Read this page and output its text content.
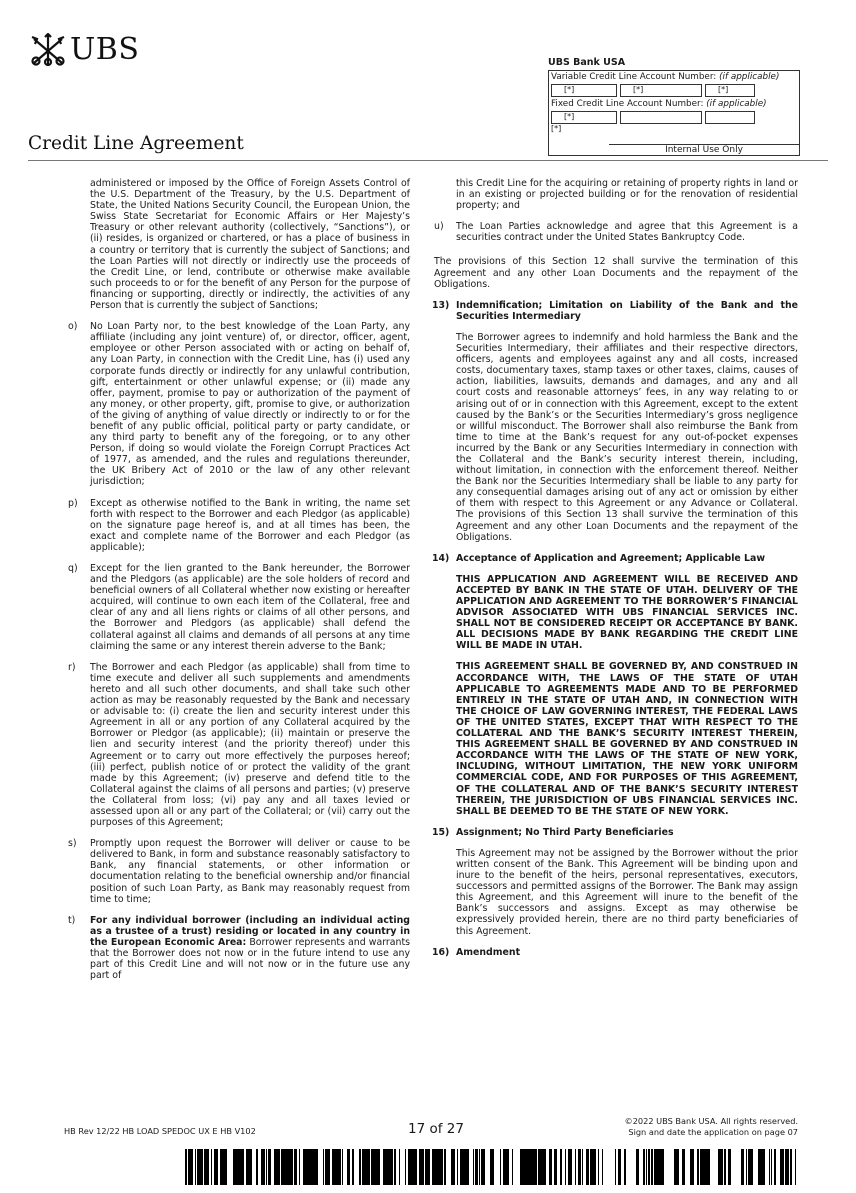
UBS
Credit Line Agreement
UBS Bank USA
Variable Credit Line Account Number: (if applicable)
[*]	[*]	[*]
Fixed Credit Line Account Number: (if applicable)
[*]
[*]
Internal Use Only

administered or imposed by the Office of Foreign Assets Control of the U.S. Department of the Treasury, by the U.S. Department of State, the United Nations Security Council, the European Union, the Swiss State Secretariat for Economic Affairs or Her Majesty’s Treasury or other relevant authority (collectively, “Sanctions”), or (ii) resides, is organized or chartered, or has a place of business in a country or territory that is currently the subject of Sanctions; and the Loan Parties will not directly or indirectly use the proceeds of the Credit Line, or lend, contribute or otherwise make available such proceeds to or for the benefit of any Person for the purpose of financing or supporting, directly or indirectly, the activities of any Person that is currently the subject of Sanctions;

o) No Loan Party nor, to the best knowledge of the Loan Party, any affiliate (including any joint venture) of, or director, officer, agent, employee or other Person associated with or acting on behalf of, any Loan Party, in connection with the Credit Line, has (i) used any corporate funds directly or indirectly for any unlawful contribution, gift, entertainment or other unlawful expense; or (ii) made any offer, payment, promise to pay or authorization of the payment of any money, or other property, gift, promise to give, or authorization of the giving of anything of value directly or indirectly to or for the benefit of any public official, political party or party candidate, or any third party to benefit any of the foregoing, or to any other Person, if doing so would violate the Foreign Corrupt Practices Act of 1977, as amended, and the rules and regulations thereunder, the UK Bribery Act of 2010 or the law of any other relevant jurisdiction;
p) Except as otherwise notified to the Bank in writing, the name set forth with respect to the Borrower and each Pledgor (as applicable) on the signature page hereof is, and at all times has been, the exact and complete name of the Borrower and each Pledgor (as applicable);
q) Except for the lien granted to the Bank hereunder, the Borrower and the Pledgors (as applicable) are the sole holders of record and beneficial owners of all Collateral whether now existing or hereafter acquired, will continue to own each item of the Collateral, free and clear of any and all liens rights or claims of all other persons, and the Borrower and Pledgors (as applicable) shall defend the collateral against all claims and demands of all persons at any time claiming the same or any interest therein adverse to the Bank;
r) The Borrower and each Pledgor (as applicable) shall from time to time execute and deliver all such supplements and amendments hereto and all such other documents, and shall take such other action as may be reasonably requested by the Bank and necessary or advisable to: (i) create the lien and security interest under this Agreement in all or any portion of any Collateral acquired by the Borrower or Pledgor (as applicable); (ii) maintain or preserve the lien and security interest (and the priority thereof) under this Agreement or to carry out more effectively the purposes hereof; (iii) perfect, publish notice of or protect the validity of the grant made by this Agreement; (iv) preserve and defend title to the Collateral against the claims of all persons and parties; (v) preserve the Collateral from loss; (vi) pay any and all taxes levied or assessed upon all or any part of the Collateral; or (vii) carry out the purposes of this Agreement;
s) Promptly upon request the Borrower will deliver or cause to be delivered to Bank, in form and substance reasonably satisfactory to Bank, any financial statements, or other information or documentation relating to the beneficial ownership and/or financial position of such Loan Party, as Bank may reasonably request from time to time;
t) For any individual borrower (including an individual acting as a trustee of a trust) residing or located in any country in the European Economic Area: Borrower represents and warrants that the Borrower does not now or in the future intend to use any part of this Credit Line and will not now or in the future use any part of

this Credit Line for the acquiring or retaining of property rights in land or in an existing or projected building or for the renovation of residential property; and

u) The Loan Parties acknowledge and agree that this Agreement is a securities contract under the United States Bankruptcy Code.

The provisions of this Section 12 shall survive the termination of this Agreement and any other Loan Documents and the repayment of the Obligations.

13) Indemnification; Limitation on Liability of the Bank and the Securities Intermediary

The Borrower agrees to indemnify and hold harmless the Bank and the Securities Intermediary, their affiliates and their respective directors, officers, agents and employees against any and all costs, increased costs, documentary taxes, stamp taxes or other taxes, claims, causes of action, liabilities, lawsuits, demands and damages, and any and all court costs and reasonable attorneys’ fees, in any way relating to or arising out of or in connection with this Agreement, except to the extent caused by the Bank’s or the Securities Intermediary’s gross negligence or willful misconduct. The Borrower shall also reimburse the Bank from time to time at the Bank’s request for any out-of-pocket expenses incurred by the Bank or any Securities Intermediary in connection with the Collateral and the Bank’s security interest therein, including, without limitation, in connection with the enforcement thereof. Neither the Bank nor the Securities Intermediary shall be liable to any party for any consequential damages arising out of any act or omission by either of them with respect to this Agreement or any Advance or Collateral. The provisions of this Section 13 shall survive the termination of this Agreement and any other Loan Documents and the repayment of the Obligations.

14) Acceptance of Application and Agreement; Applicable Law

THIS APPLICATION AND AGREEMENT WILL BE RECEIVED AND ACCEPTED BY BANK IN THE STATE OF UTAH. DELIVERY OF THE APPLICATION AND AGREEMENT TO THE BORROWER’S FINANCIAL ADVISOR ASSOCIATED WITH UBS FINANCIAL SERVICES INC. SHALL NOT BE CONSIDERED RECEIPT OR ACCEPTANCE BY BANK. ALL DECISIONS MADE BY BANK REGARDING THE CREDIT LINE WILL BE MADE IN UTAH.

THIS AGREEMENT SHALL BE GOVERNED BY, AND CONSTRUED IN ACCORDANCE WITH, THE LAWS OF THE STATE OF UTAH APPLICABLE TO AGREEMENTS MADE AND TO BE PERFORMED ENTIRELY IN THE STATE OF UTAH AND, IN CONNECTION WITH THE CHOICE OF LAW GOVERNING INTEREST, THE FEDERAL LAWS OF THE UNITED STATES, EXCEPT THAT WITH RESPECT TO THE COLLATERAL AND THE BANK’S SECURITY INTEREST THEREIN, THIS AGREEMENT SHALL BE GOVERNED BY AND CONSTRUED IN ACCORDANCE WITH THE LAWS OF THE STATE OF NEW YORK, INCLUDING, WITHOUT LIMITATION, THE NEW YORK UNIFORM COMMERCIAL CODE, AND FOR PURPOSES OF THIS AGREEMENT, OF THE COLLATERAL AND OF THE BANK’S SECURITY INTEREST THEREIN, THE JURISDICTION OF UBS FINANCIAL SERVICES INC. SHALL BE DEEMED TO BE THE STATE OF NEW YORK.

15) Assignment; No Third Party Beneficiaries

This Agreement may not be assigned by the Borrower without the prior written consent of the Bank. This Agreement will be binding upon and inure to the benefit of the heirs, personal representatives, executors, successors and permitted assigns of the Borrower. The Bank may assign this Agreement, and this Agreement will inure to the benefit of the Bank’s successors and assigns. Except as may otherwise be expressively provided herein, there are no third party beneficiaries of this Agreement.

16) Amendment
HB Rev 12/22 HB LOAD SPEDOC UX E HB V102	17 of 27	©2022 UBS Bank USA. All rights reserved.
Sign and date the application on page 07
